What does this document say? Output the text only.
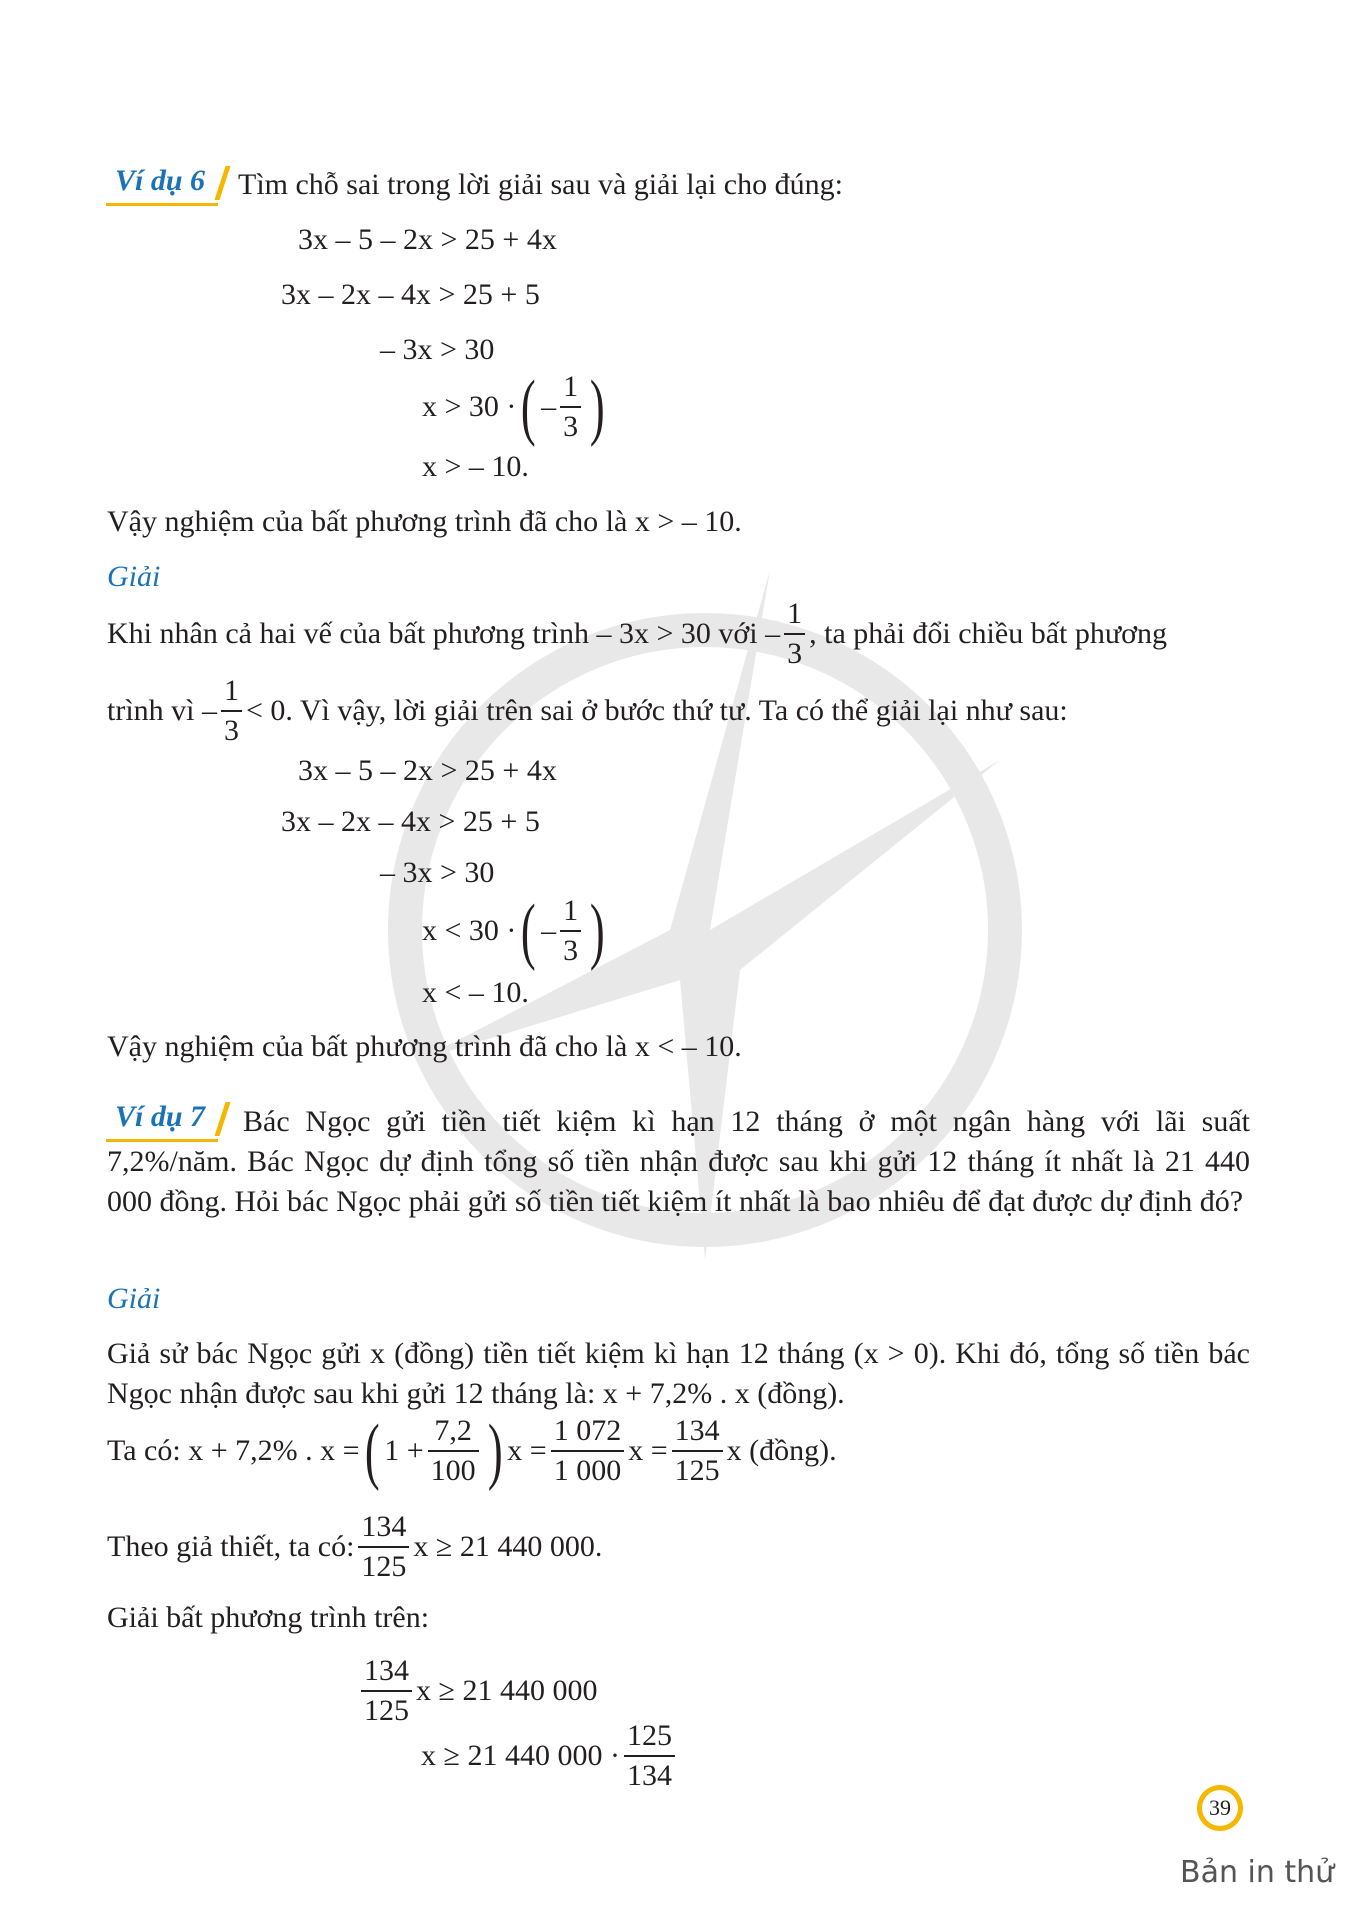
Ví dụ 6 Tìm chỗ sai trong lời giải sau và giải lại cho đúng:
3x – 5 – 2x > 25 + 4x
3x – 2x – 4x > 25 + 5
– 3x > 30
x > 30 · ( – $\frac{1}{3}$ )
x > – 10.
Vậy nghiệm của bất phương trình đã cho là x > – 10.
Giải
Khi nhân cả hai vế của bất phương trình – 3x > 30 với – $\frac{1}{3}$ , ta phải đổi chiều bất phương
trình vì – $\frac{1}{3} < 0$. Vì vậy, lời giải trên sai ở bước thứ tư. Ta có thể giải lại như sau:
3x – 5 – 2x > 25 + 4x
3x – 2x – 4x > 25 + 5
– 3x > 30
x < 30 · ( – $\frac{1}{3}$ )
x < – 10.
Vậy nghiệm của bất phương trình đã cho là x < – 10.
Ví dụ 7	Bác Ngọc gửi tiền tiết kiệm kì hạn 12 tháng ở một ngân hàng với lãi suất 7,2%/năm. Bác Ngọc dự định tổng số tiền nhận được sau khi gửi 12 tháng ít nhất là 21 440 000 đồng. Hỏi bác Ngọc phải gửi số tiền tiết kiệm ít nhất là bao nhiêu để đạt được dự định đó?
Giải
Giả sử bác Ngọc gửi x (đồng) tiền tiết kiệm kì hạn 12 tháng (x > 0). Khi đó, tổng số tiền bác Ngọc nhận được sau khi gửi 12 tháng là: x + 7,2% . x (đồng).
Ta có: x + 7,2% . x = ( $1 + \frac{7,2}{100}$ ) $x = \frac{1 072}{1 000}$ $x = \frac{134}{125}$ x (đồng).
Theo giả thiết, ta có: $\frac{134}{125}$ x ≥ 21 440 000.
Giải bất phương trình trên:
$\frac{134}{125}$ x ≥ 21 440 000
x ≥ 21 440 $000 \cdot \frac{125}{134}$
39
Bản in thử
